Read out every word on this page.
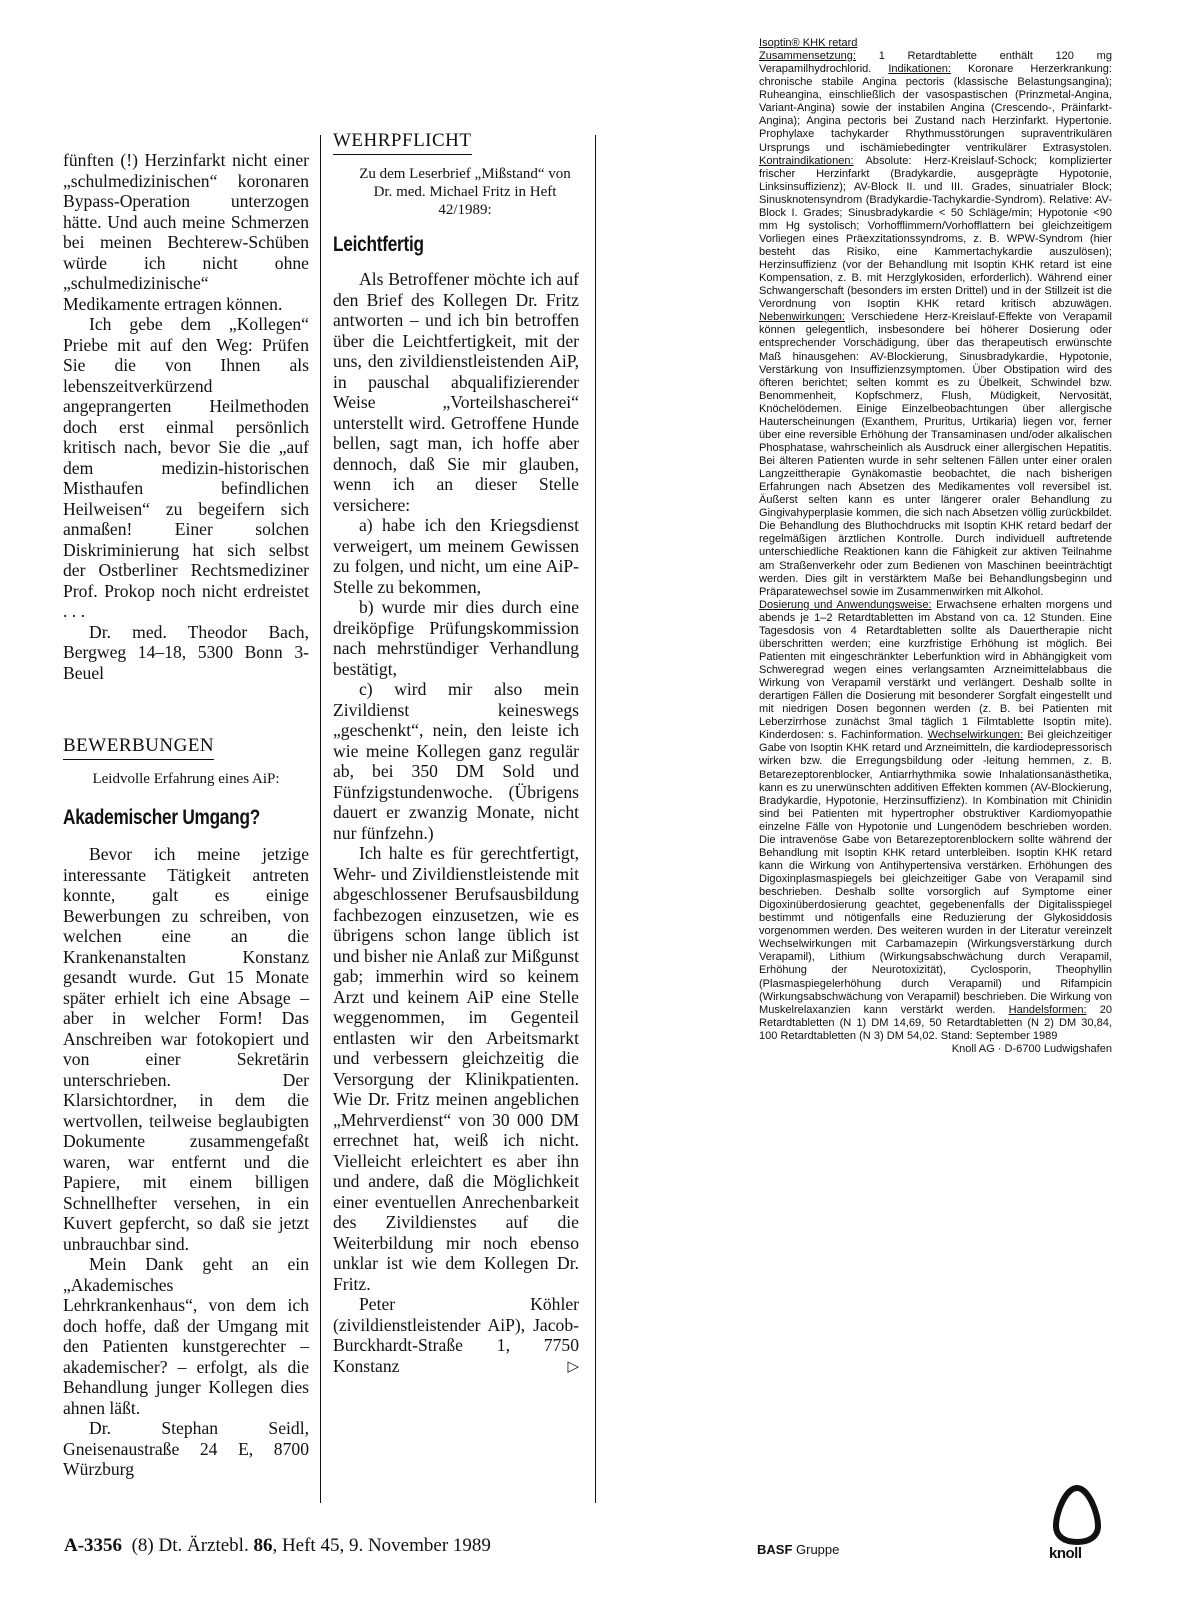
fünften (!) Herzinfarkt nicht einer „schulmedizinischen“ koronaren Bypass-Operation unterzogen hätte. Und auch meine Schmerzen bei meinen Bechterew-Schüben würde ich nicht ohne „schulmedizinische“ Medikamente ertragen können.

Ich gebe dem „Kollegen“ Priebe mit auf den Weg: Prüfen Sie die von Ihnen als lebenszeitverkürzend angeprangerten Heilmethoden doch erst einmal persönlich kritisch nach, bevor Sie die „auf dem medizin-historischen Misthaufen befindlichen Heilweisen“ zu begeifern sich anmaßen! Einer solchen Diskriminierung hat sich selbst der Ostberliner Rechtsmediziner Prof. Prokop noch nicht erdreistet . . .

Dr. med. Theodor Bach, Bergweg 14–18, 5300 Bonn 3-Beuel

BEWERBUNGEN
Leidvolle Erfahrung eines AiP:
Akademischer Umgang?

Bevor ich meine jetzige interessante Tätigkeit antreten konnte, galt es einige Bewerbungen zu schreiben, von welchen eine an die Krankenanstalten Konstanz gesandt wurde. Gut 15 Monate später erhielt ich eine Absage – aber in welcher Form! Das Anschreiben war fotokopiert und von einer Sekretärin unterschrieben. Der Klarsichtordner, in dem die wertvollen, teilweise beglaubigten Dokumente zusammengefaßt waren, war entfernt und die Papiere, mit einem billigen Schnellhefter versehen, in ein Kuvert gepfercht, so daß sie jetzt unbrauchbar sind.

Mein Dank geht an ein „Akademisches Lehrkrankenhaus“, von dem ich doch hoffe, daß der Umgang mit den Patienten kunstgerechter – akademischer? – erfolgt, als die Behandlung junger Kollegen dies ahnen läßt.

Dr. Stephan Seidl, Gneisenaustraße 24 E, 8700 Würzburg

WEHRPFLICHT
Zu dem Leserbrief „Mißstand“ von Dr. med. Michael Fritz in Heft 42/1989:
Leichtfertig

Als Betroffener möchte ich auf den Brief des Kollegen Dr. Fritz antworten – und ich bin betroffen über die Leichtfertigkeit, mit der uns, den zivildienstleistenden AiP, in pauschal abqualifizierender Weise „Vorteilshascherei“ unterstellt wird. Getroffene Hunde bellen, sagt man, ich hoffe aber dennoch, daß Sie mir glauben, wenn ich an dieser Stelle versichere:

a) habe ich den Kriegsdienst verweigert, um meinem Gewissen zu folgen, und nicht, um eine AiP-Stelle zu bekommen,

b) wurde mir dies durch eine dreiköpfige Prüfungskommission nach mehrstündiger Verhandlung bestätigt,

c) wird mir also mein Zivildienst keineswegs „geschenkt“, nein, den leiste ich wie meine Kollegen ganz regulär ab, bei 350 DM Sold und Fünfzigstundenwoche. (Übrigens dauert er zwanzig Monate, nicht nur fünfzehn.)

Ich halte es für gerechtfertigt, Wehr- und Zivildienstleistende mit abgeschlossener Berufsausbildung fachbezogen einzusetzen, wie es übrigens schon lange üblich ist und bisher nie Anlaß zur Mißgunst gab; immerhin wird so keinem Arzt und keinem AiP eine Stelle weggenommen, im Gegenteil entlasten wir den Arbeitsmarkt und verbessern gleichzeitig die Versorgung der Klinikpatienten. Wie Dr. Fritz meinen angeblichen „Mehrverdienst“ von 30 000 DM errechnet hat, weiß ich nicht. Vielleicht erleichtert es aber ihn und andere, daß die Möglichkeit einer eventuellen Anrechenbarkeit des Zivildienstes auf die Weiterbildung mir noch ebenso unklar ist wie dem Kollegen Dr. Fritz.

Peter Köhler (zivildienstleistender AiP), Jacob-Burckhardt-Straße 1, 7750 Konstanz	▷

Isoptin® KHK retard

Zusammensetzung: 1 Retardtablette enthält 120 mg Verapamilhydrochlorid. Indikationen: Koronare Herzerkrankung: chronische stabile Angina pectoris (klassische Belastungsangina); Ruheangina, einschließlich der vasospastischen (Prinzmetal-Angina, Variant-Angina) sowie der instabilen Angina (Crescendo-, Präinfarkt-Angina); Angina pectoris bei Zustand nach Herzinfarkt. Hypertonie. Prophylaxe tachykarder Rhythmusstörungen supraventrikulären Ursprungs und ischämiebedingter ventrikulärer Extrasystolen. Kontraindikationen: Absolute: Herz-Kreislauf-Schock; komplizierter frischer Herzinfarkt (Bradykardie, ausgeprägte Hypotonie, Linksinsuffizienz); AV-Block II. und III. Grades, sinuatrialer Block; Sinusknotensyndrom (Bradykardie-Tachykardie-Syndrom). Relative: AV-Block I. Grades; Sinusbradykardie < 50 Schläge/min; Hypotonie <90 mm Hg systolisch; Vorhofflimmern/Vorhofflattern bei gleichzeitigem Vorliegen eines Präexzitationssyndroms, z. B. WPW-Syndrom (hier besteht das Risiko, eine Kammertachykardie auszulösen); Herzinsuffizienz (vor der Behandlung mit Isoptin KHK retard ist eine Kompensation, z. B. mit Herzglykosiden, erforderlich). Während einer Schwangerschaft (besonders im ersten Drittel) und in der Stillzeit ist die Verordnung von Isoptin KHK retard kritisch abzuwägen. Nebenwirkungen: Verschiedene Herz-Kreislauf-Effekte von Verapamil können gelegentlich, insbesondere bei höherer Dosierung oder entsprechender Vorschädigung, über das therapeutisch erwünschte Maß hinausgehen: AV-Blockierung, Sinusbradykardie, Hypotonie, Verstärkung von Insuffizienzsymptomen. Über Obstipation wird des öfteren berichtet; selten kommt es zu Übelkeit, Schwindel bzw. Benommenheit, Kopfschmerz, Flush, Müdigkeit, Nervosität, Knöchelödemen. Einige Einzelbeobachtungen über allergische Hauterscheinungen (Exanthem, Pruritus, Urtikaria) liegen vor, ferner über eine reversible Erhöhung der Transaminasen und/oder alkalischen Phosphatase, wahrscheinlich als Ausdruck einer allergischen Hepatitis. Bei älteren Patienten wurde in sehr seltenen Fällen unter einer oralen Langzeittherapie Gynäkomastie beobachtet, die nach bisherigen Erfahrungen nach Absetzen des Medikamentes voll reversibel ist. Äußerst selten kann es unter längerer oraler Behandlung zu Gingivahyperplasie kommen, die sich nach Absetzen völlig zurückbildet. Die Behandlung des Bluthochdrucks mit Isoptin KHK retard bedarf der regelmäßigen ärztlichen Kontrolle. Durch individuell auftretende unterschiedliche Reaktionen kann die Fähigkeit zur aktiven Teilnahme am Straßenverkehr oder zum Bedienen von Maschinen beeinträchtigt werden. Dies gilt in verstärktem Maße bei Behandlungsbeginn und Präparatewechsel sowie im Zusammenwirken mit Alkohol.

Dosierung und Anwendungsweise: Erwachsene erhalten morgens und abends je 1–2 Retardtabletten im Abstand von ca. 12 Stunden. Eine Tagesdosis von 4 Retardtabletten sollte als Dauertherapie nicht überschritten werden; eine kurzfristige Erhöhung ist möglich. Bei Patienten mit eingeschränkter Leberfunktion wird in Abhängigkeit vom Schweregrad wegen eines verlangsamten Arzneimittelabbaus die Wirkung von Verapamil verstärkt und verlängert. Deshalb sollte in derartigen Fällen die Dosierung mit besonderer Sorgfalt eingestellt und mit niedrigen Dosen begonnen werden (z. B. bei Patienten mit Leberzirrhose zunächst 3mal täglich 1 Filmtablette Isoptin mite). Kinderdosen: s. Fachinformation. Wechselwirkungen: Bei gleichzeitiger Gabe von Isoptin KHK retard und Arzneimitteln, die kardiodepressorisch wirken bzw. die Erregungsbildung oder -leitung hemmen, z. B. Betarezeptorenblocker, Antiarrhythmika sowie Inhalationsanästhetika, kann es zu unerwünschten additiven Effekten kommen (AV-Blockierung, Bradykardie, Hypotonie, Herzinsuffizienz). In Kombination mit Chinidin sind bei Patienten mit hypertropher obstruktiver Kardiomyopathie einzelne Fälle von Hypotonie und Lungenödem beschrieben worden. Die intravenöse Gabe von Betarezeptorenblockern sollte während der Behandlung mit Isoptin KHK retard unterbleiben. Isoptin KHK retard kann die Wirkung von Antihypertensiva verstärken. Erhöhungen des Digoxinplasmaspiegels bei gleichzeitiger Gabe von Verapamil sind beschrieben. Deshalb sollte vorsorglich auf Symptome einer Digoxinüberdosierung geachtet, gegebenenfalls der Digitalisspiegel bestimmt und nötigenfalls eine Reduzierung der Glykosiddosis vorgenommen werden. Des weiteren wurden in der Literatur vereinzelt Wechselwirkungen mit Carbamazepin (Wirkungsverstärkung durch Verapamil), Lithium (Wirkungsabschwächung durch Verapamil, Erhöhung der Neurotoxizität), Cyclosporin, Theophyllin (Plasmaspiegelerhöhung durch Verapamil) und Rifampicin (Wirkungsabschwächung von Verapamil) beschrieben. Die Wirkung von Muskelrelaxanzien kann verstärkt werden. Handelsformen: 20 Retardtabletten (N 1) DM 14,69, 50 Retardtabletten (N 2) DM 30,84, 100 Retardtabletten (N 3) DM 54,02. Stand: September 1989

Knoll AG · D-6700 Ludwigshafen

A-3356 (8) Dt. Ärztebl. 86, Heft 45, 9. November 1989	BASF Gruppe	knoll
